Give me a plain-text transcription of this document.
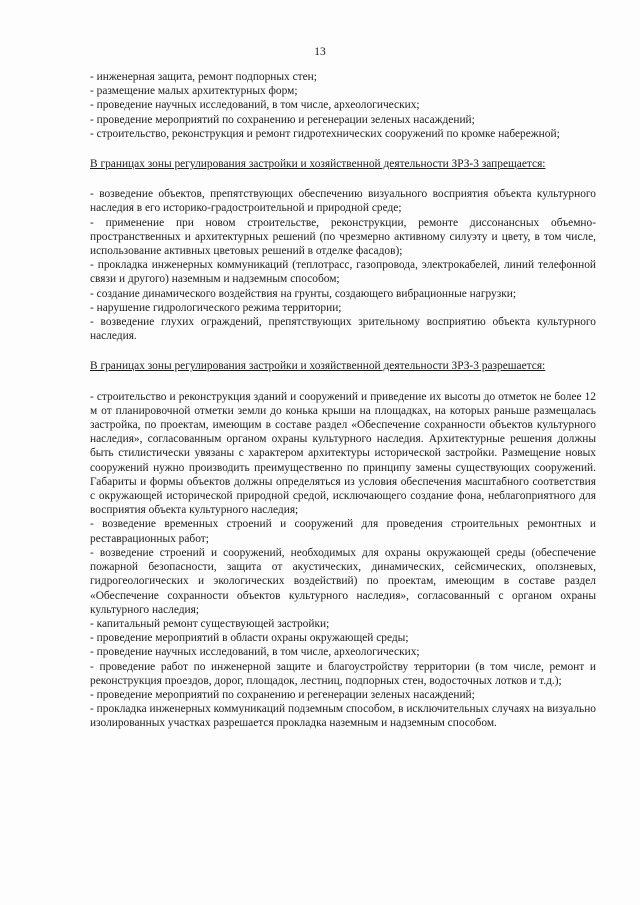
13

- инженерная защита, ремонт подпорных стен;

- размещение малых архитектурных форм;

- проведение научных исследований, в том числе, археологических;

- проведение мероприятий по сохранению и регенерации зеленых насаждений;

- строительство, реконструкция и ремонт гидротехнических сооружений по кромке набережной;

В границах зоны регулирования застройки и хозяйственной деятельности ЗРЗ-3 запрещается:

- возведение объектов, препятствующих обеспечению визуального восприятия объекта культурного наследия в его историко-градостроительной и природной среде;

- применение при новом строительстве, реконструкции, ремонте диссонансных объемно-пространственных и архитектурных решений (по чрезмерно активному силуэту и цвету, в том числе, использование активных цветовых решений в отделке фасадов);

- прокладка инженерных коммуникаций (теплотрасс, газопровода, электрокабелей, линий телефонной связи и другого) наземным и надземным способом;

- создание динамического воздействия на грунты, создающего вибрационные нагрузки;

- нарушение гидрологического режима территории;

- возведение глухих ограждений, препятствующих зрительному восприятию объекта культурного наследия.

В границах зоны регулирования застройки и хозяйственной деятельности ЗРЗ-3 разрешается:

- строительство и реконструкция зданий и сооружений и приведение их высоты до отметок не более 12 м от планировочной отметки земли до конька крыши на площадках, на которых раньше размещалась застройка, по проектам, имеющим в составе раздел «Обеспечение сохранности объектов культурного наследия», согласованным органом охраны культурного наследия. Архитектурные решения должны быть стилистически увязаны с характером архитектуры исторической застройки. Размещение новых сооружений нужно производить преимущественно по принципу замены существующих сооружений. Габариты и формы объектов должны определяться из условия обеспечения масштабного соответствия с окружающей исторической природной средой, исключающего создание фона, неблагоприятного для восприятия объекта культурного наследия;

- возведение временных строений и сооружений для проведения строительных ремонтных и реставрационных работ;

- возведение строений и сооружений, необходимых для охраны окружающей среды (обеспечение пожарной безопасности, защита от акустических, динамических, сейсмических, оползневых, гидрогеологических и экологических воздействий) по проектам, имеющим в составе раздел «Обеспечение сохранности объектов культурного наследия», согласованный с органом охраны культурного наследия;

- капитальный ремонт существующей застройки;

- проведение мероприятий в области охраны окружающей среды;

- проведение научных исследований, в том числе, археологических;

- проведение работ по инженерной защите и благоустройству территории (в том числе, ремонт и реконструкция проездов, дорог, площадок, лестниц, подпорных стен, водосточных лотков и т.д.);

- проведение мероприятий по сохранению и регенерации зеленых насаждений;

- прокладка инженерных коммуникаций подземным способом, в исключительных случаях на визуально изолированных участках разрешается прокладка наземным и надземным способом.
